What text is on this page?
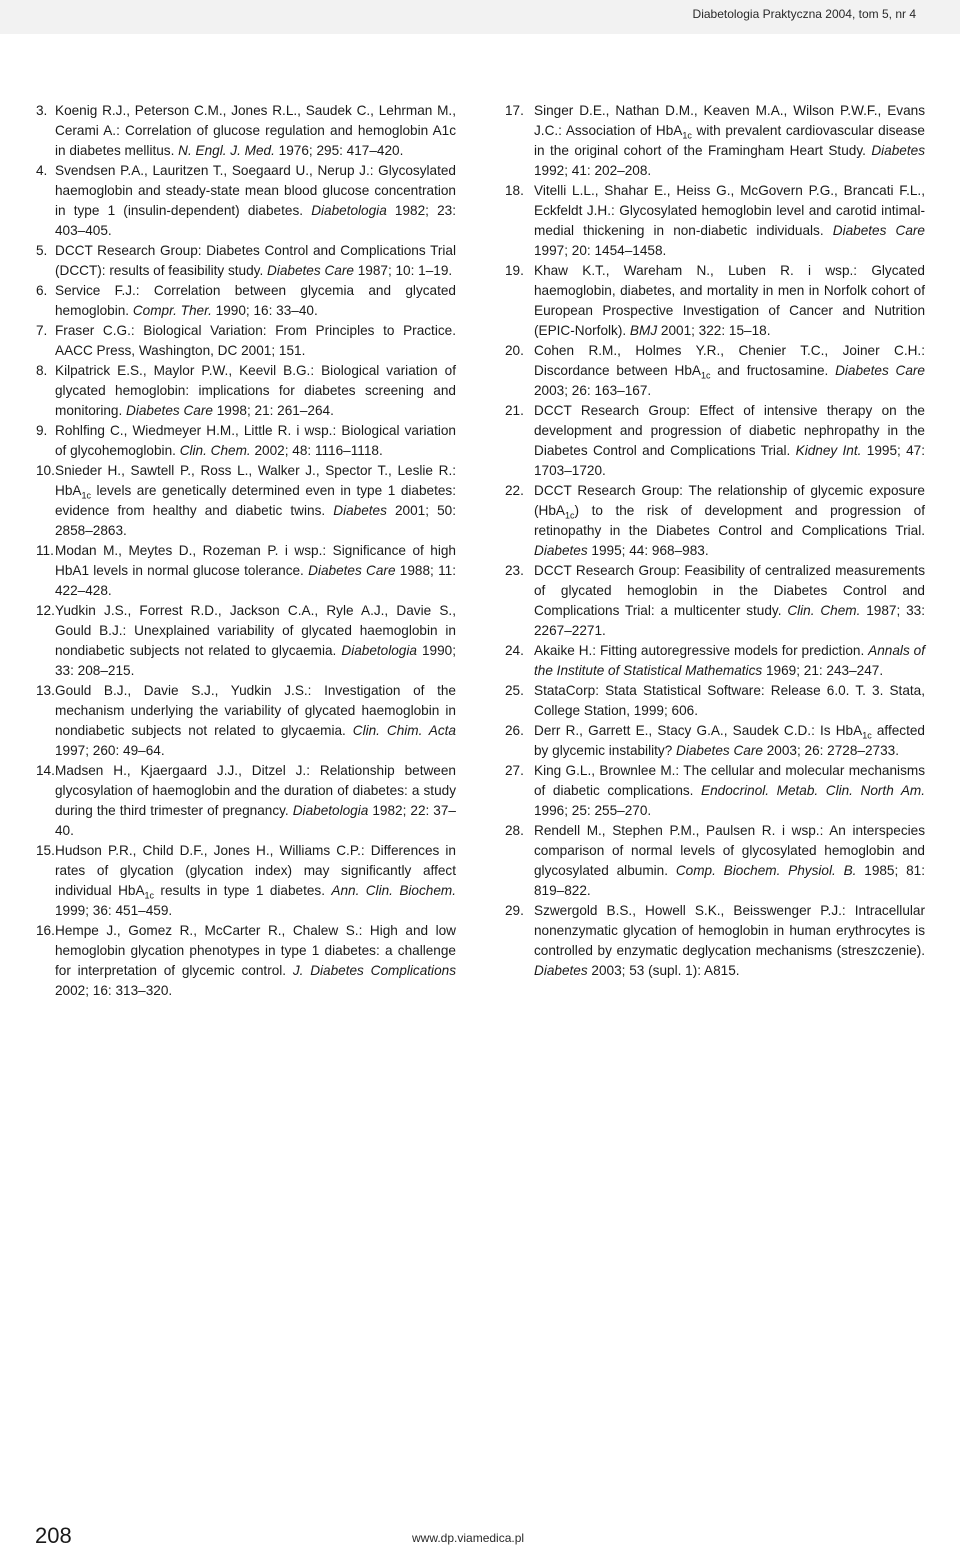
Diabetologia Praktyczna 2004, tom 5, nr 4
3. Koenig R.J., Peterson C.M., Jones R.L., Saudek C., Lehrman M., Cerami A.: Correlation of glucose regulation and hemoglobin A1c in diabetes mellitus. N. Engl. J. Med. 1976; 295: 417–420.
4. Svendsen P.A., Lauritzen T., Soegaard U., Nerup J.: Glycosylated haemoglobin and steady-state mean blood glucose concentration in type 1 (insulin-dependent) diabetes. Diabetologia 1982; 23: 403–405.
5. DCCT Research Group: Diabetes Control and Complications Trial (DCCT): results of feasibility study. Diabetes Care 1987; 10: 1–19.
6. Service F.J.: Correlation between glycemia and glycated hemoglobin. Compr. Ther. 1990; 16: 33–40.
7. Fraser C.G.: Biological Variation: From Principles to Practice. AACC Press, Washington, DC 2001; 151.
8. Kilpatrick E.S., Maylor P.W., Keevil B.G.: Biological variation of glycated hemoglobin: implications for diabetes screening and monitoring. Diabetes Care 1998; 21: 261–264.
9. Rohlfing C., Wiedmeyer H.M., Little R. i wsp.: Biological variation of glycohemoglobin. Clin. Chem. 2002; 48: 1116–1118.
10. Snieder H., Sawtell P., Ross L., Walker J., Spector T., Leslie R.: HbA$_{1c}$ levels are genetically determined even in type 1 diabetes: evidence from healthy and diabetic twins. Diabetes 2001; 50: 2858–2863.
11. Modan M., Meytes D., Rozeman P. i wsp.: Significance of high HbA1 levels in normal glucose tolerance. Diabetes Care 1988; 11: 422–428.
12. Yudkin J.S., Forrest R.D., Jackson C.A., Ryle A.J., Davie S., Gould B.J.: Unexplained variability of glycated haemoglobin in nondiabetic subjects not related to glycaemia. Diabetologia 1990; 33: 208–215.
13. Gould B.J., Davie S.J., Yudkin J.S.: Investigation of the mechanism underlying the variability of glycated haemoglobin in nondiabetic subjects not related to glycaemia. Clin. Chim. Acta 1997; 260: 49–64.
14. Madsen H., Kjaergaard J.J., Ditzel J.: Relationship between glycosylation of haemoglobin and the duration of diabetes: a study during the third trimester of pregnancy. Diabetologia 1982; 22: 37–40.
15. Hudson P.R., Child D.F., Jones H., Williams C.P.: Differences in rates of glycation (glycation index) may significantly affect individual HbA$_{1c}$ results in type 1 diabetes. Ann. Clin. Biochem. 1999; 36: 451–459.
16. Hempe J., Gomez R., McCarter R., Chalew S.: High and low hemoglobin glycation phenotypes in type 1 diabetes: a challenge for interpretation of glycemic control. J. Diabetes Complications 2002; 16: 313–320.
17. Singer D.E., Nathan D.M., Keaven M.A., Wilson P.W.F., Evans J.C.: Association of HbA$_{1c}$ with prevalent cardiovascular disease in the original cohort of the Framingham Heart Study. Diabetes 1992; 41: 202–208.
18. Vitelli L.L., Shahar E., Heiss G., McGovern P.G., Brancati F.L., Eckfeldt J.H.: Glycosylated hemoglobin level and carotid intimal-medial thickening in non-diabetic individuals. Diabetes Care 1997; 20: 1454–1458.
19. Khaw K.T., Wareham N., Luben R. i wsp.: Glycated haemoglobin, diabetes, and mortality in men in Norfolk cohort of European Prospective Investigation of Cancer and Nutrition (EPIC-Norfolk). BMJ 2001; 322: 15–18.
20. Cohen R.M., Holmes Y.R., Chenier T.C., Joiner C.H.: Discordance between HbA$_{1c}$ and fructosamine. Diabetes Care 2003; 26: 163–167.
21. DCCT Research Group: Effect of intensive therapy on the development and progression of diabetic nephropathy in the Diabetes Control and Complications Trial. Kidney Int. 1995; 47: 1703–1720.
22. DCCT Research Group: The relationship of glycemic exposure (HbA$_{1c}$) to the risk of development and progression of retinopathy in the Diabetes Control and Complications Trial. Diabetes 1995; 44: 968–983.
23. DCCT Research Group: Feasibility of centralized measurements of glycated hemoglobin in the Diabetes Control and Complications Trial: a multicenter study. Clin. Chem. 1987; 33: 2267–2271.
24. Akaike H.: Fitting autoregressive models for prediction. Annals of the Institute of Statistical Mathematics 1969; 21: 243–247.
25. StataCorp: Stata Statistical Software: Release 6.0. T. 3. Stata, College Station, 1999; 606.
26. Derr R., Garrett E., Stacy G.A., Saudek C.D.: Is HbA$_{1c}$ affected by glycemic instability? Diabetes Care 2003; 26: 2728–2733.
27. King G.L., Brownlee M.: The cellular and molecular mechanisms of diabetic complications. Endocrinol. Metab. Clin. North Am. 1996; 25: 255–270.
28. Rendell M., Stephen P.M., Paulsen R. i wsp.: An interspecies comparison of normal levels of glycosylated hemoglobin and glycosylated albumin. Comp. Biochem. Physiol. B. 1985; 81: 819–822.
29. Szwergold B.S., Howell S.K., Beisswenger P.J.: Intracellular nonenzymatic glycation of hemoglobin in human erythrocytes is controlled by enzymatic deglycation mechanisms (streszczenie). Diabetes 2003; 53 (supl. 1): A815.
208	www.dp.viamedica.pl
